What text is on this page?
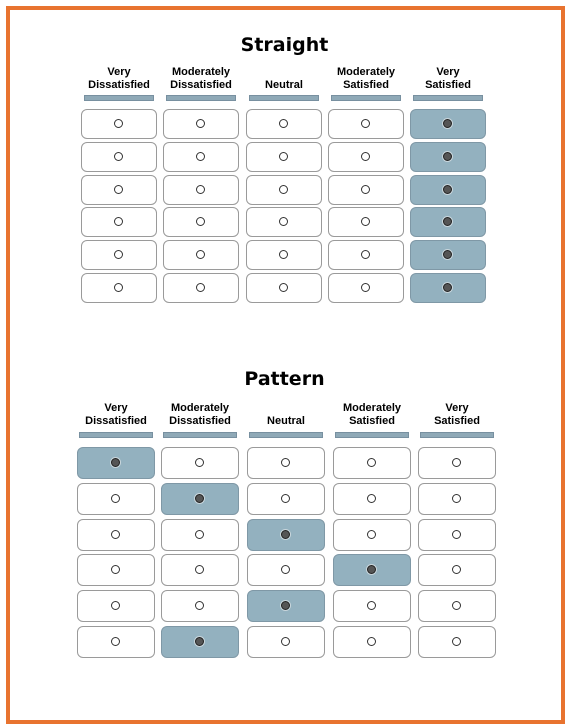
Straight
Very
Dissatisfied
Moderately
Dissatisfied	Neutral
Moderately
Satisfied
Very
Satisfied
Pattern
Very
Dissatisfied
Moderately
Dissatisfied	Neutral
Moderately
Satisfied
Very
Satisfied
